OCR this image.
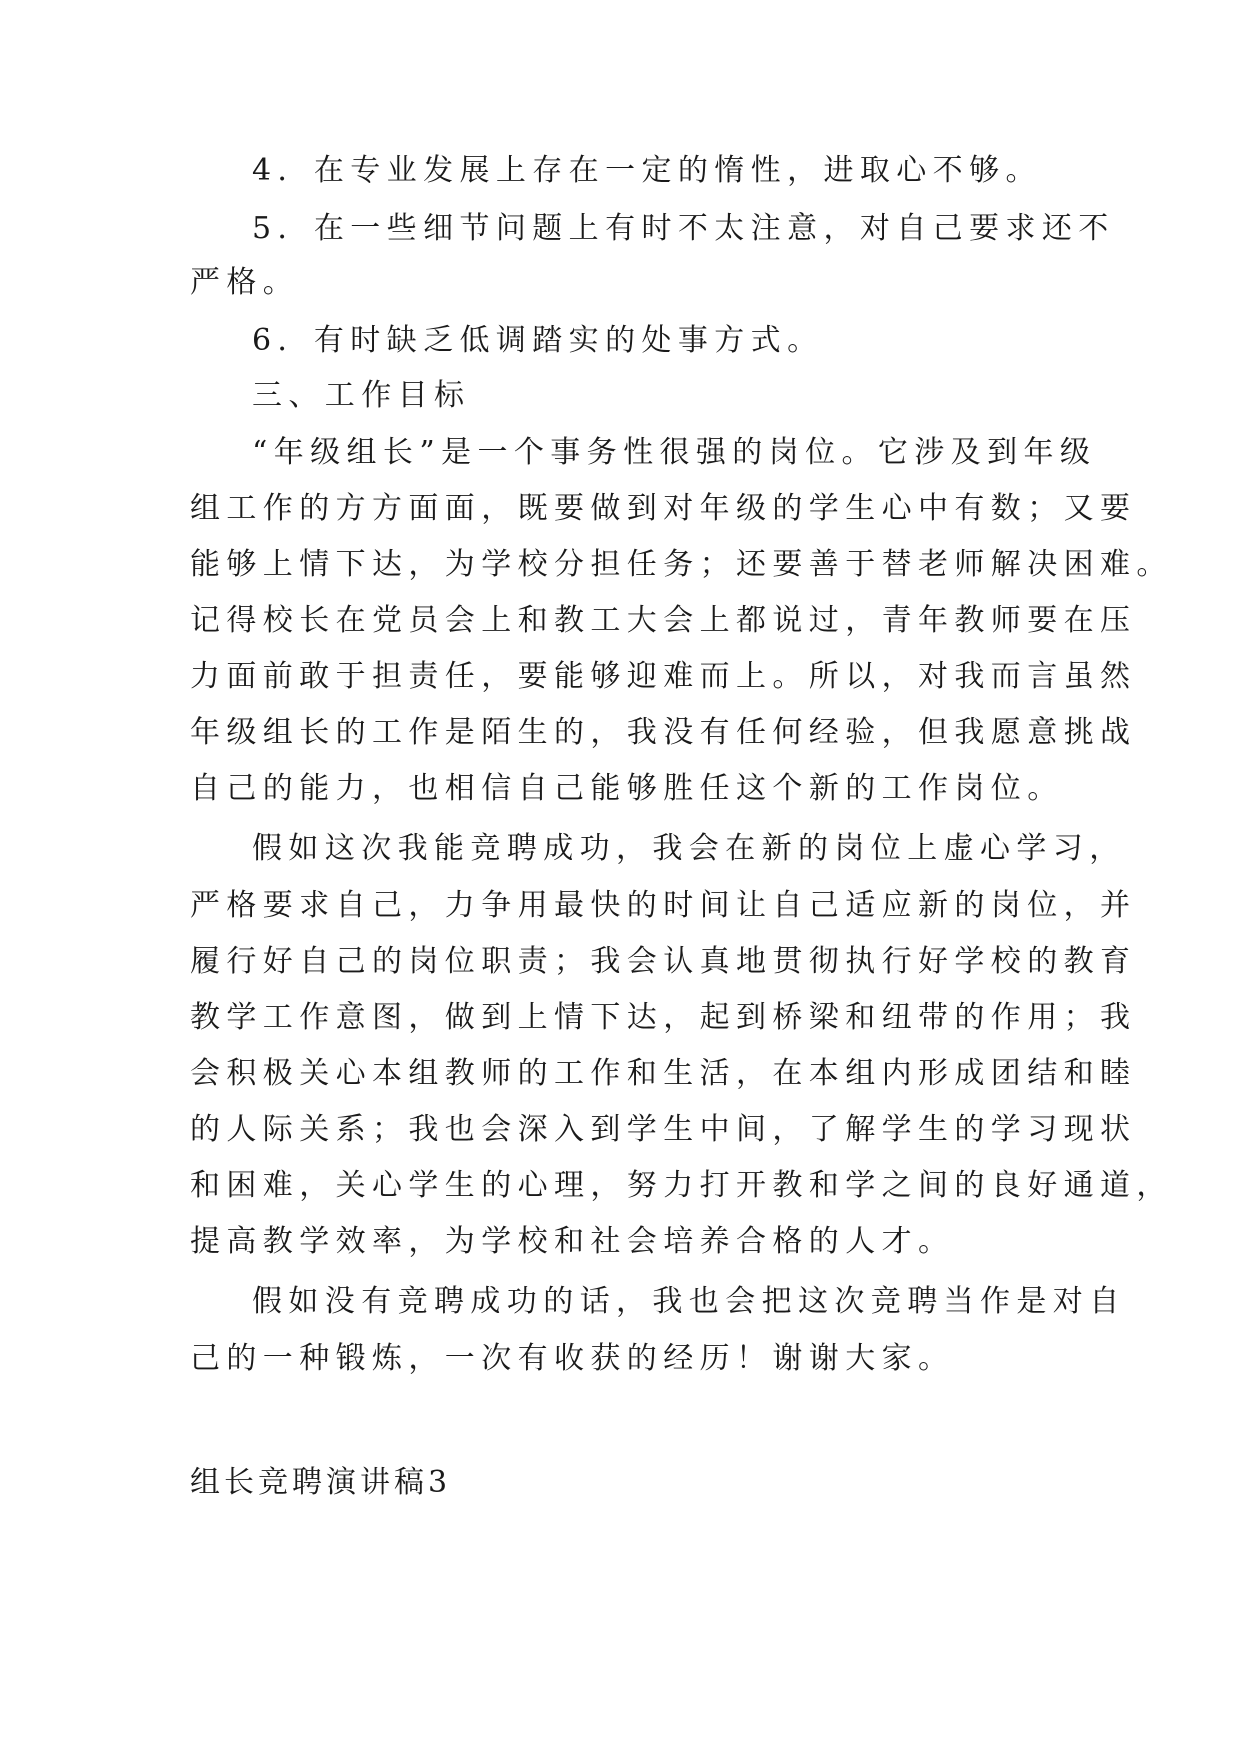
4．在专业发展上存在一定的惰性，进取心不够。
5．在一些细节问题上有时不太注意，对自己要求还不
严格。
6．有时缺乏低调踏实的处事方式。
三、工作目标
“年级组长”是一个事务性很强的岗位。它涉及到年级
组工作的方方面面，既要做到对年级的学生心中有数；又要
能够上情下达，为学校分担任务；还要善于替老师解决困难。
记得校长在党员会上和教工大会上都说过，青年教师要在压
力面前敢于担责任，要能够迎难而上。所以，对我而言虽然
年级组长的工作是陌生的，我没有任何经验，但我愿意挑战
自己的能力，也相信自己能够胜任这个新的工作岗位。
假如这次我能竞聘成功，我会在新的岗位上虚心学习，
严格要求自己，力争用最快的时间让自己适应新的岗位，并
履行好自己的岗位职责；我会认真地贯彻执行好学校的教育
教学工作意图，做到上情下达，起到桥梁和纽带的作用；我
会积极关心本组教师的工作和生活，在本组内形成团结和睦
的人际关系；我也会深入到学生中间，了解学生的学习现状
和困难，关心学生的心理，努力打开教和学之间的良好通道，
提高教学效率，为学校和社会培养合格的人才。
假如没有竞聘成功的话，我也会把这次竞聘当作是对自
己的一种锻炼，一次有收获的经历！谢谢大家。
组长竞聘演讲稿3
